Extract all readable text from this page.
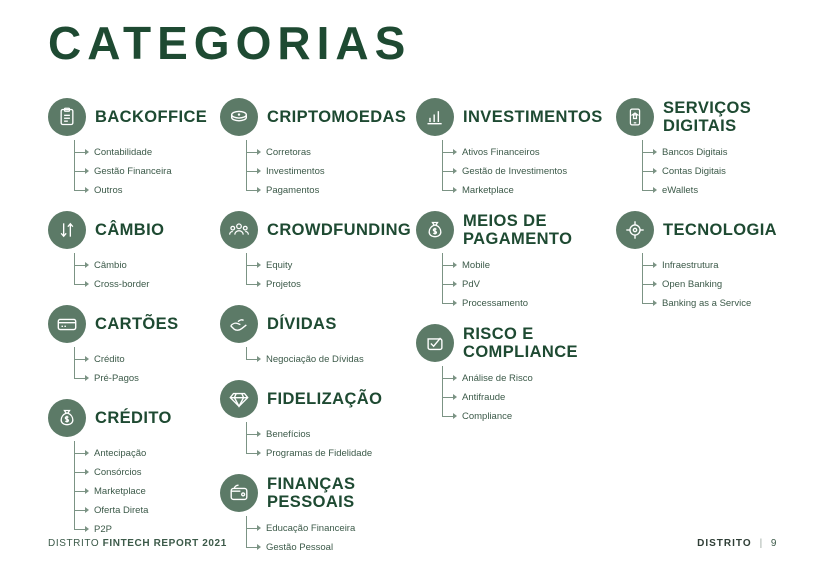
CATEGORIAS
BACKOFFICE
Contabilidade
Gestão Financeira
Outros
CÂMBIO
Câmbio
Cross-border
CARTÕES
Crédito
Pré-Pagos
CRÉDITO
Antecipação
Consórcios
Marketplace
Oferta Direta
P2P
CRIPTOMOEDAS
Corretoras
Investimentos
Pagamentos
CROWDFUNDING
Equity
Projetos
DÍVIDAS
Negociação de Dívidas
FIDELIZAÇÃO
Benefícios
Programas de Fidelidade
FINANÇAS PESSOAIS
Educação Financeira
Gestão Pessoal
INVESTIMENTOS
Ativos Financeiros
Gestão de Investimentos
Marketplace
MEIOS DE PAGAMENTO
Mobile
PdV
Processamento
RISCO E COMPLIANCE
Análise de Risco
Antifraude
Compliance
SERVIÇOS DIGITAIS
Bancos Digitais
Contas Digitais
eWallets
TECNOLOGIA
Infraestrutura
Open Banking
Banking as a Service
DISTRITO FINTECH REPORT 2021	DISTRITO | 9
